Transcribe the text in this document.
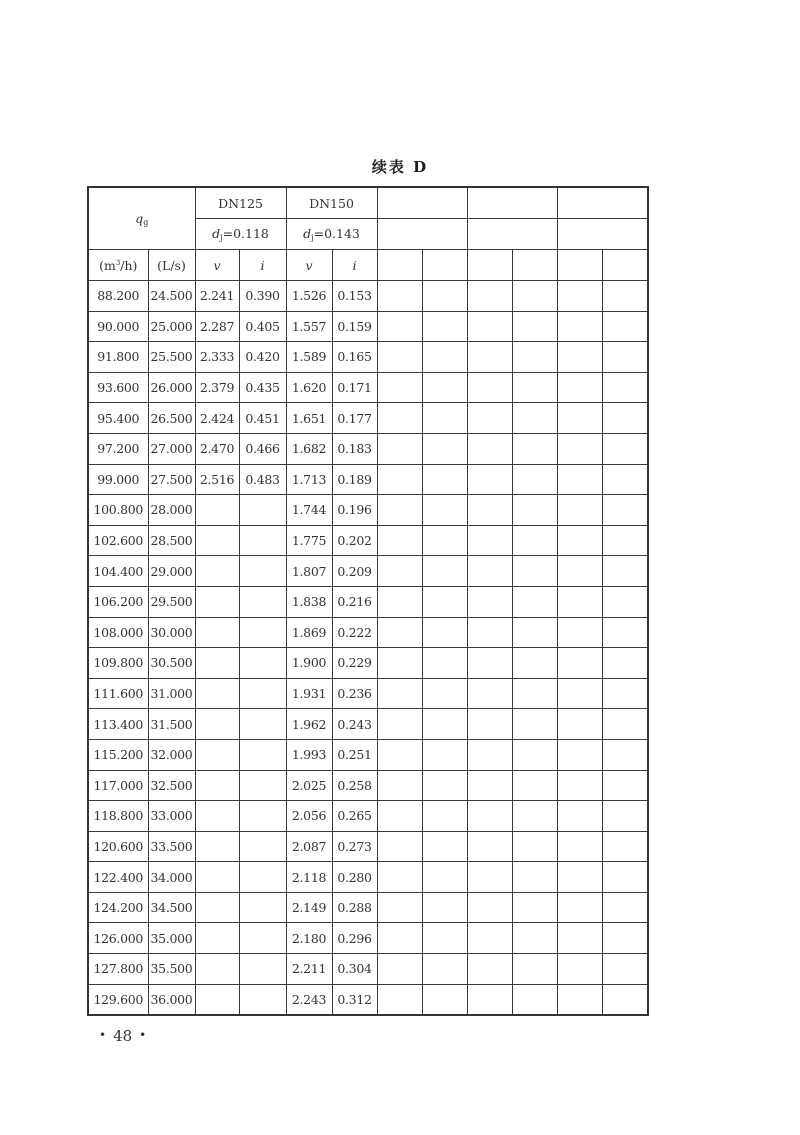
续表 D
$q_g$		DN125		DN150							
		$d_j=0.118$		$d_j=0.143$							
$(m^3/h)$	(L/s)	v	i	v	i						
88.200	24.500	2.241	0.390	1.526	0.153						
90.000	25.000	2.287	0.405	1.557	0.159						
91.800	25.500	2.333	0.420	1.589	0.165						
93.600	26.000	2.379	0.435	1.620	0.171						
95.400	26.500	2.424	0.451	1.651	0.177						
97.200	27.000	2.470	0.466	1.682	0.183						
99.000	27.500	2.516	0.483	1.713	0.189						
100.800	28.000			1.744	0.196						
102.600	28.500			1.775	0.202						
104.400	29.000			1.807	0.209						
106.200	29.500			1.838	0.216						
108.000	30.000			1.869	0.222						
109.800	30.500			1.900	0.229						
111.600	31.000			1.931	0.236						
113.400	31.500			1.962	0.243						
115.200	32.000			1.993	0.251						
117.000	32.500			2.025	0.258						
118.800	33.000			2.056	0.265						
120.600	33.500			2.087	0.273						
122.400	34.000			2.118	0.280						
124.200	34.500			2.149	0.288						
126.000	35.000			2.180	0.296						
127.800	35.500			2.211	0.304						
129.600	36.000			2.243	0.312						
• 48 •
